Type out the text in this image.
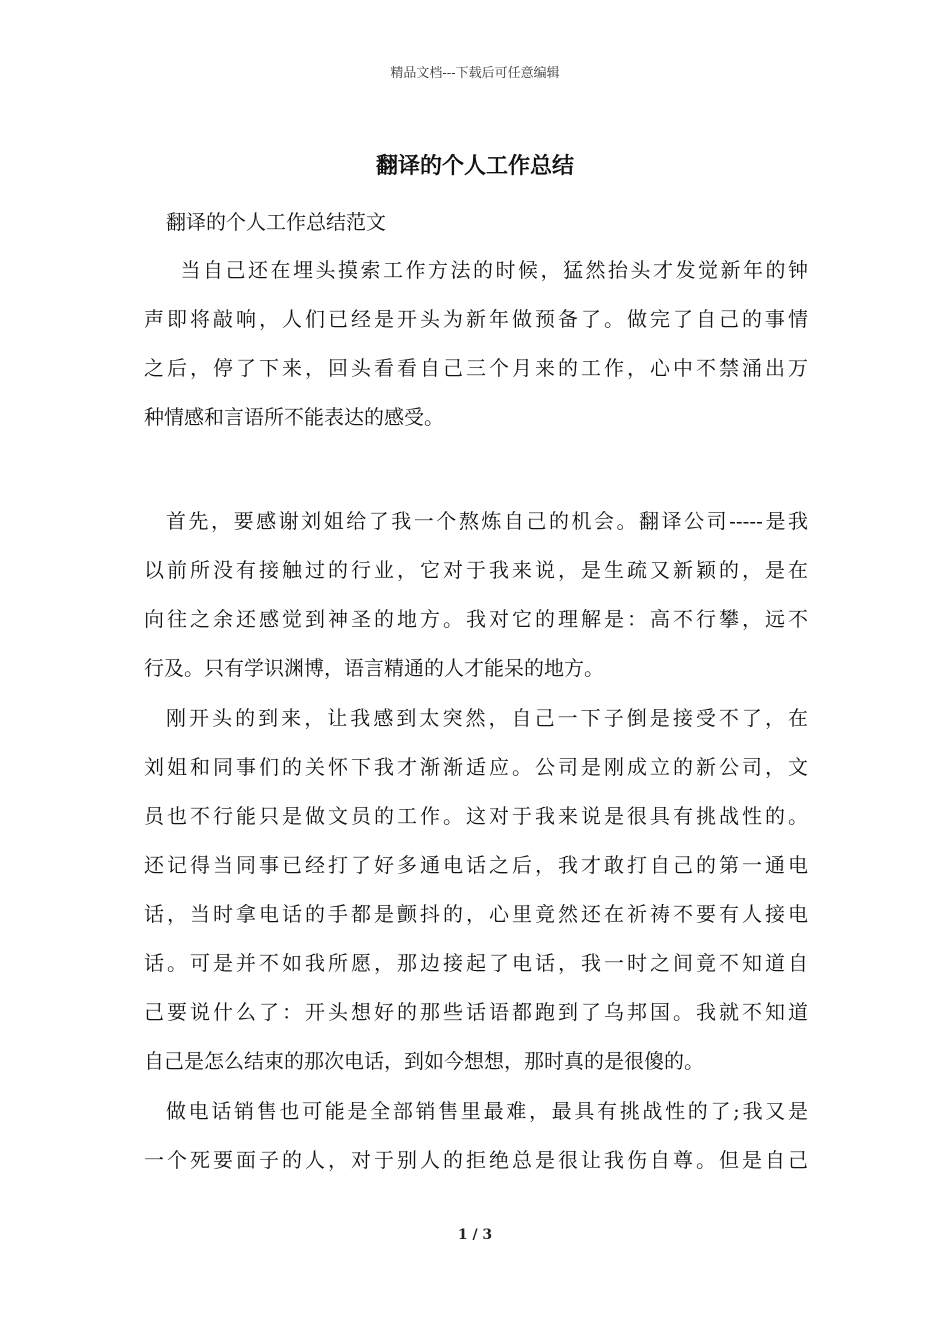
精品文档---下载后可任意编辑
翻译的个人工作总结

翻译的个人工作总结范文

　当自己还在埋头摸索工作方法的时候，猛然抬头才发觉新年的钟
声即将敲响，人们已经是开头为新年做预备了。做完了自己的事情
之后，停了下来，回头看看自己三个月来的工作，心中不禁涌出万
种情感和言语所不能表达的感受。
首先，要感谢刘姐给了我一个熬炼自己的机会。翻译公司-----是我
以前所没有接触过的行业，它对于我来说，是生疏又新颖的，是在
向往之余还感觉到神圣的地方。我对它的理解是：高不行攀，远不
行及。只有学识渊博，语言精通的人才能呆的地方。
刚开头的到来，让我感到太突然，自己一下子倒是接受不了，在
刘姐和同事们的关怀下我才渐渐适应。公司是刚成立的新公司，文
员也不行能只是做文员的工作。这对于我来说是很具有挑战性的。
还记得当同事已经打了好多通电话之后，我才敢打自己的第一通电
话，当时拿电话的手都是颤抖的，心里竟然还在祈祷不要有人接电
话。可是并不如我所愿，那边接起了电话，我一时之间竟不知道自
己要说什么了：开头想好的那些话语都跑到了乌邦国。我就不知道
自己是怎么结束的那次电话，到如今想想，那时真的是很傻的。
做电话销售也可能是全部销售里最难，最具有挑战性的了;我又是
一个死要面子的人，对于别人的拒绝总是很让我伤自尊。但是自己
1 / 3
